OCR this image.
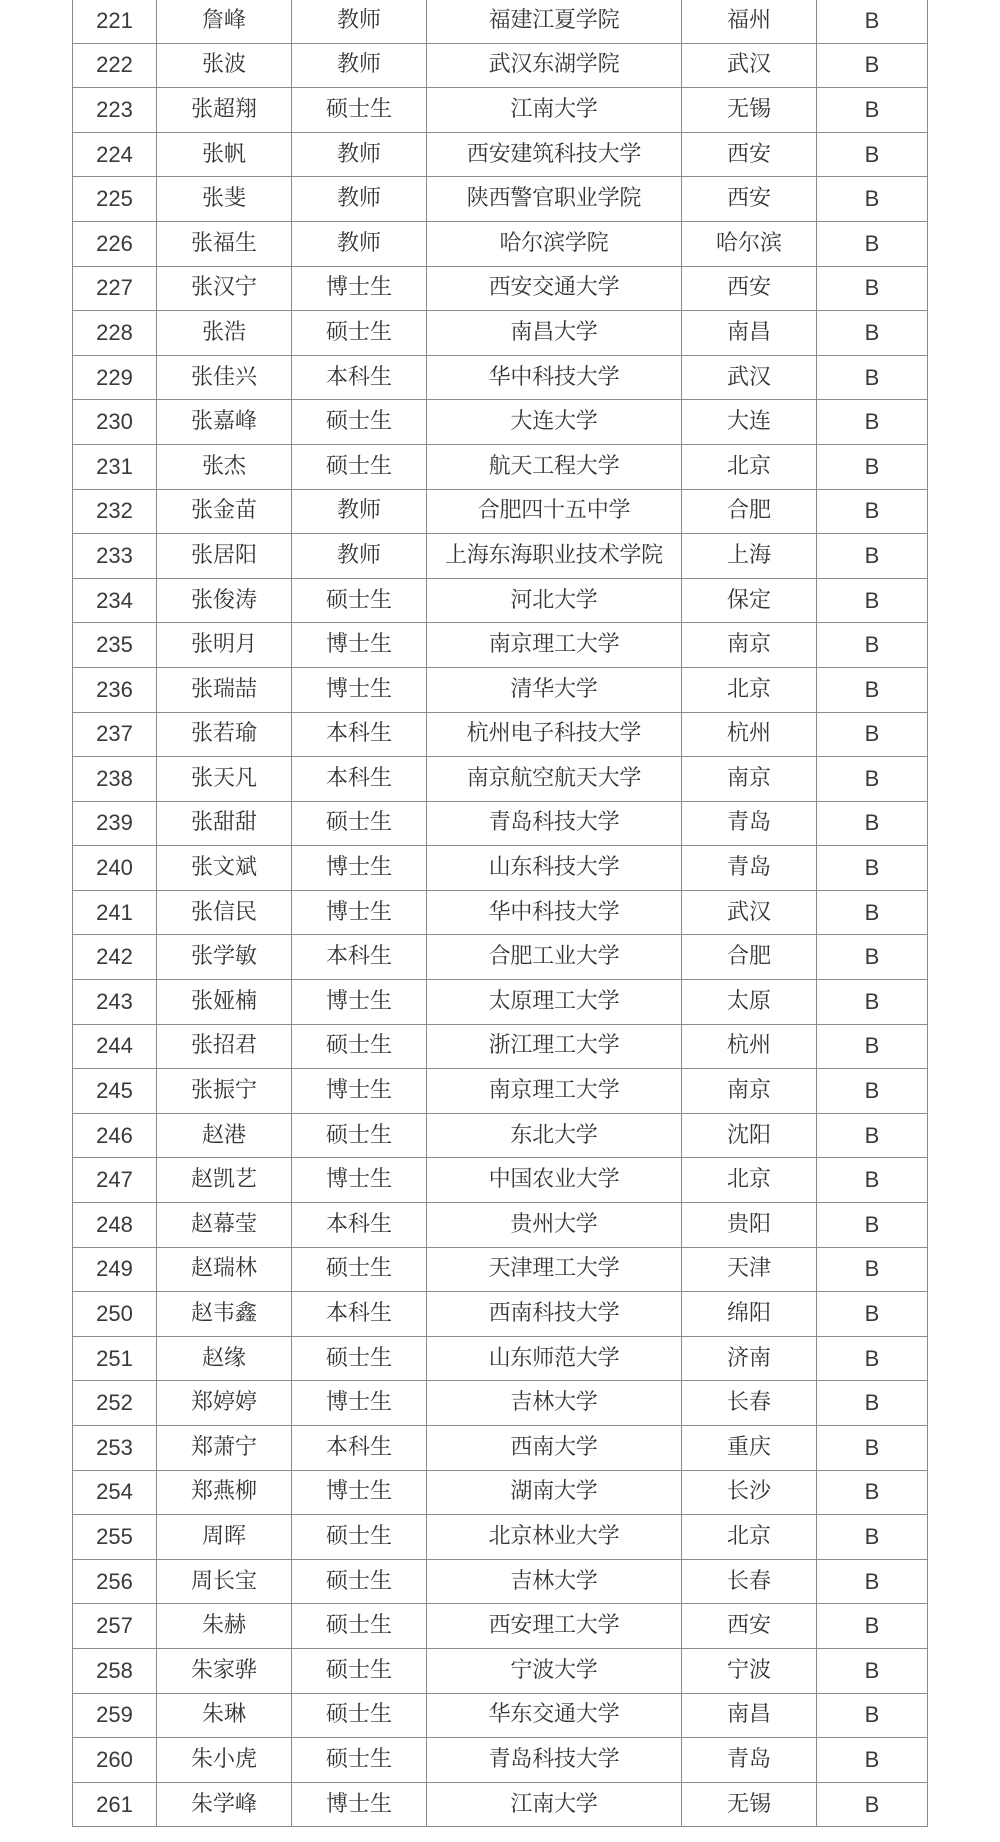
221	詹峰	教师	福建江夏学院	福州	B
222	张波	教师	武汉东湖学院	武汉	B
223	张超翔	硕士生	江南大学	无锡	B
224	张帆	教师	西安建筑科技大学	西安	B
225	张斐	教师	陕西警官职业学院	西安	B
226	张福生	教师	哈尔滨学院	哈尔滨	B
227	张汉宁	博士生	西安交通大学	西安	B
228	张浩	硕士生	南昌大学	南昌	B
229	张佳兴	本科生	华中科技大学	武汉	B
230	张嘉峰	硕士生	大连大学	大连	B
231	张杰	硕士生	航天工程大学	北京	B
232	张金苗	教师	合肥四十五中学	合肥	B
233	张居阳	教师	上海东海职业技术学院	上海	B
234	张俊涛	硕士生	河北大学	保定	B
235	张明月	博士生	南京理工大学	南京	B
236	张瑞喆	博士生	清华大学	北京	B
237	张若瑜	本科生	杭州电子科技大学	杭州	B
238	张天凡	本科生	南京航空航天大学	南京	B
239	张甜甜	硕士生	青岛科技大学	青岛	B
240	张文斌	博士生	山东科技大学	青岛	B
241	张信民	博士生	华中科技大学	武汉	B
242	张学敏	本科生	合肥工业大学	合肥	B
243	张娅楠	博士生	太原理工大学	太原	B
244	张招君	硕士生	浙江理工大学	杭州	B
245	张振宁	博士生	南京理工大学	南京	B
246	赵港	硕士生	东北大学	沈阳	B
247	赵凯艺	博士生	中国农业大学	北京	B
248	赵幕莹	本科生	贵州大学	贵阳	B
249	赵瑞林	硕士生	天津理工大学	天津	B
250	赵韦鑫	本科生	西南科技大学	绵阳	B
251	赵缘	硕士生	山东师范大学	济南	B
252	郑婷婷	博士生	吉林大学	长春	B
253	郑萧宁	本科生	西南大学	重庆	B
254	郑燕柳	博士生	湖南大学	长沙	B
255	周晖	硕士生	北京林业大学	北京	B
256	周长宝	硕士生	吉林大学	长春	B
257	朱赫	硕士生	西安理工大学	西安	B
258	朱家骅	硕士生	宁波大学	宁波	B
259	朱琳	硕士生	华东交通大学	南昌	B
260	朱小虎	硕士生	青岛科技大学	青岛	B
261	朱学峰	博士生	江南大学	无锡	B
